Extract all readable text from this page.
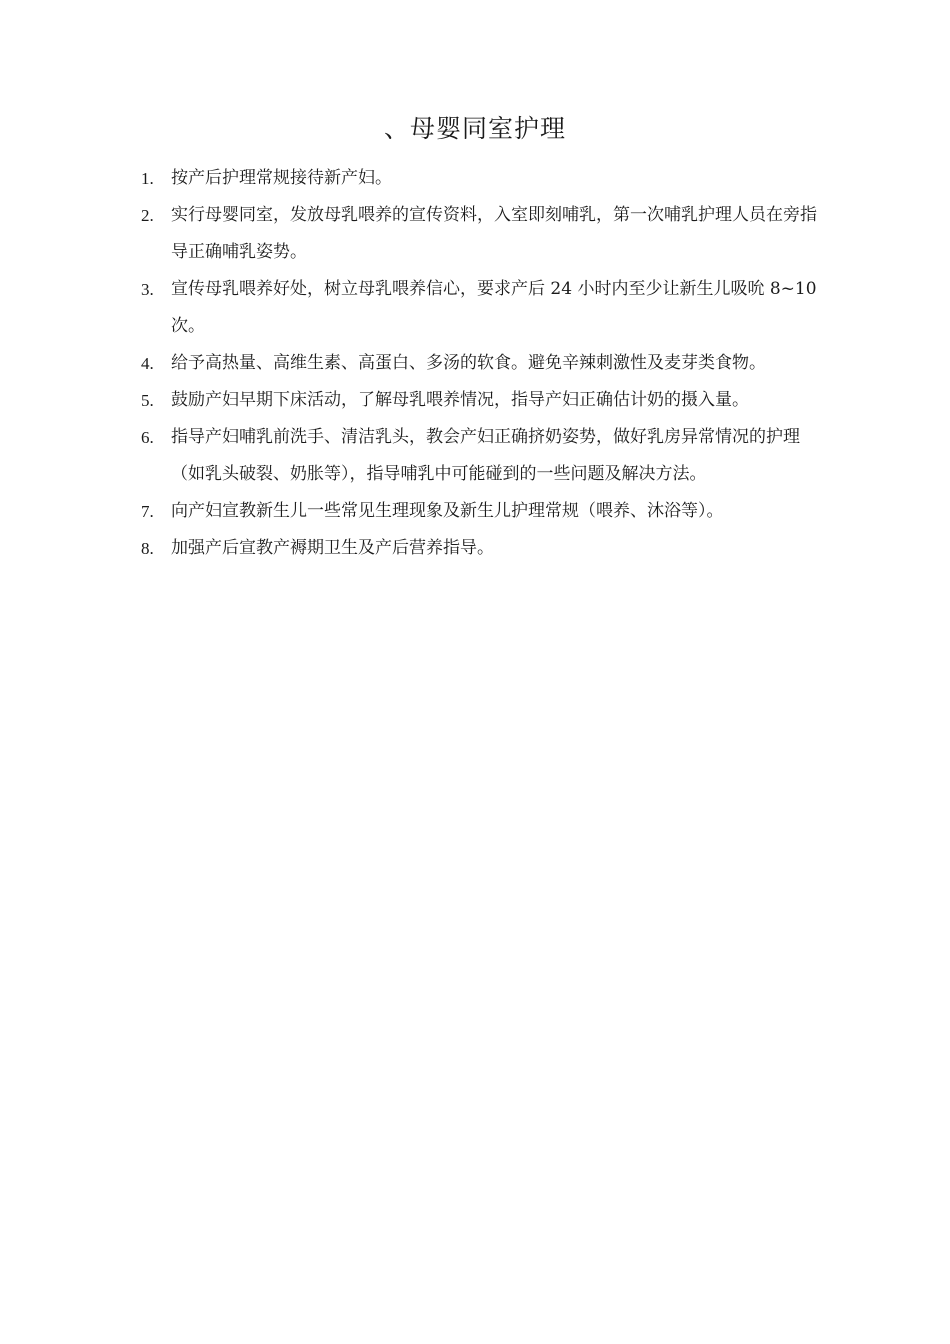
、母婴同室护理
1.	按产后护理常规接待新产妇。
2.	实行母婴同室，发放母乳喂养的宣传资料，入室即刻哺乳，第一次哺乳护理人员在旁指导正确哺乳姿势。
3.	宣传母乳喂养好处，树立母乳喂养信心，要求产后 24 小时内至少让新生儿吸吮 8~10 次。
4.	给予高热量、高维生素、高蛋白、多汤的软食。避免辛辣刺激性及麦芽类食物。
5.	鼓励产妇早期下床活动，了解母乳喂养情况，指导产妇正确估计奶的摄入量。
6.	指导产妇哺乳前洗手、清洁乳头，教会产妇正确挤奶姿势，做好乳房异常情况的护理（如乳头破裂、奶胀等），指导哺乳中可能碰到的一些问题及解决方法。
7.	向产妇宣教新生儿一些常见生理现象及新生儿护理常规（喂养、沐浴等）。
8.	加强产后宣教产褥期卫生及产后营养指导。
